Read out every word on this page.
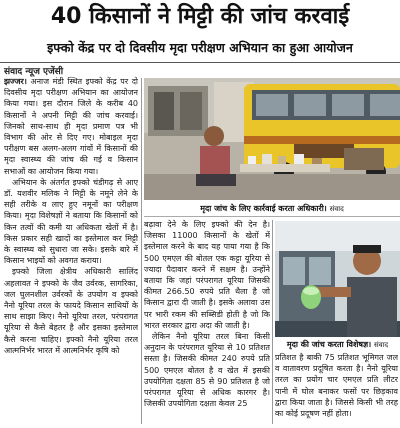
40 किसानों ने मिट्टी की जांच करवाई
इफ्को केंद्र पर दो दिवसीय मृदा परीक्षण अभियान का हुआ आयोजन
संवाद न्यूज एजेंसी

झज्जर। अनाज मंडी स्थित इफ्को केंद्र पर दो दिवसीय मृदा परीक्षण अभियान का आयोजन किया गया। इस दौरान जिले के करीब 40 किसानों ने अपनी मिट्टी की जांच करवाई। जिनको साथ-साथ ही मृदा प्रमाण पत्र भी विभाग की ओर से दिए गए। मोबाइल मृदा परीक्षण बस अलग-अलग गांवों में किसानों की मृदा स्वास्थ्य की जांच की गई व किसान सभाओं का आयोजन किया गया।

अभियान के अंतर्गत इफ्को चंडीगढ़ से आए डॉ. यशवीर मलिक ने मिट्टी के नमूने लेने के सही तरीके व लाए हुए नमूनों का परीक्षण किया। मृदा विशेषज्ञों ने बताया कि किसानों को किन तत्वों की कमी या अधिकता खेतों में है। किस प्रकार सही खादों का इस्तेमाल कर मिट्टी के स्वास्थ्य को सुधारा जा सके। इसके बारे में किसान भाइयों को अवगत कराया।

इफ्को जिला क्षेत्रीय अधिकारी सालिंद अहलावत ने इफ्को के जैव उर्वरक, सागरिका, जल घुलनशील उर्वरकों के उपयोग व इफ्को नैनो यूरिया तरल के फायदे किसान साथियों के साथ साझा किए। नैनो यूरिया तरल, परंपरागत यूरिया से कैसे बेहतर है और इसका इस्तेमाल कैसे करना चाहिए। इफ्को नैनो यूरिया तरल आत्मनिर्भर भारत में आत्मनिर्भर कृषि को

मृदा जांच के लिए कार्रवाई करता अधिकारी। संवाद

बढ़ावा देने के लिए इफ्को की देन है। जिसका 11000 किसानों के खेतों में इस्तेमाल करने के बाद यह पाया गया है कि 500 एमएल की बोतल एक कट्टा यूरिया से ज्यादा पैदावार करने में सक्षम है। उन्होंने बताया कि जहां परंपरागत यूरिया जिसकी कीमत 266.50 रुपये प्रति थैला है जो किसान द्वारा दी जाती है। इसके अलावा उस पर भारी रकम की सब्सिडी होती है जो कि भारत सरकार द्वारा अदा की जाती है।

लेकिन नैनो यूरिया तरल बिना किसी अनुदान के परंपरागत यूरिया से 10 प्रतिशत सस्ता है। जिसकी कीमत 240 रुपये प्रति 500 एमएल बोतल है व खेत में इसकी उपयोगिता दक्षता 85 से 90 प्रतिशत है जो परंपरागत यूरिया से अधिक कारगर है। जिसकी उपयोगिता दक्षता केवल 25

मृदा की जांच करता विशेषज्ञ। संवाद

प्रतिशत है बाकी 75 प्रतिशत भूमिगत जल व वातावरण प्रदूषित करता है। नैनो यूरिया तरल का प्रयोग चार एमएल प्रति लीटर पानी में घोल बनाकर फसों पर छिड़काव द्वारा किया जाता है। जिससे किसी भी तरह का कोई प्रदूषण नहीं होता।
